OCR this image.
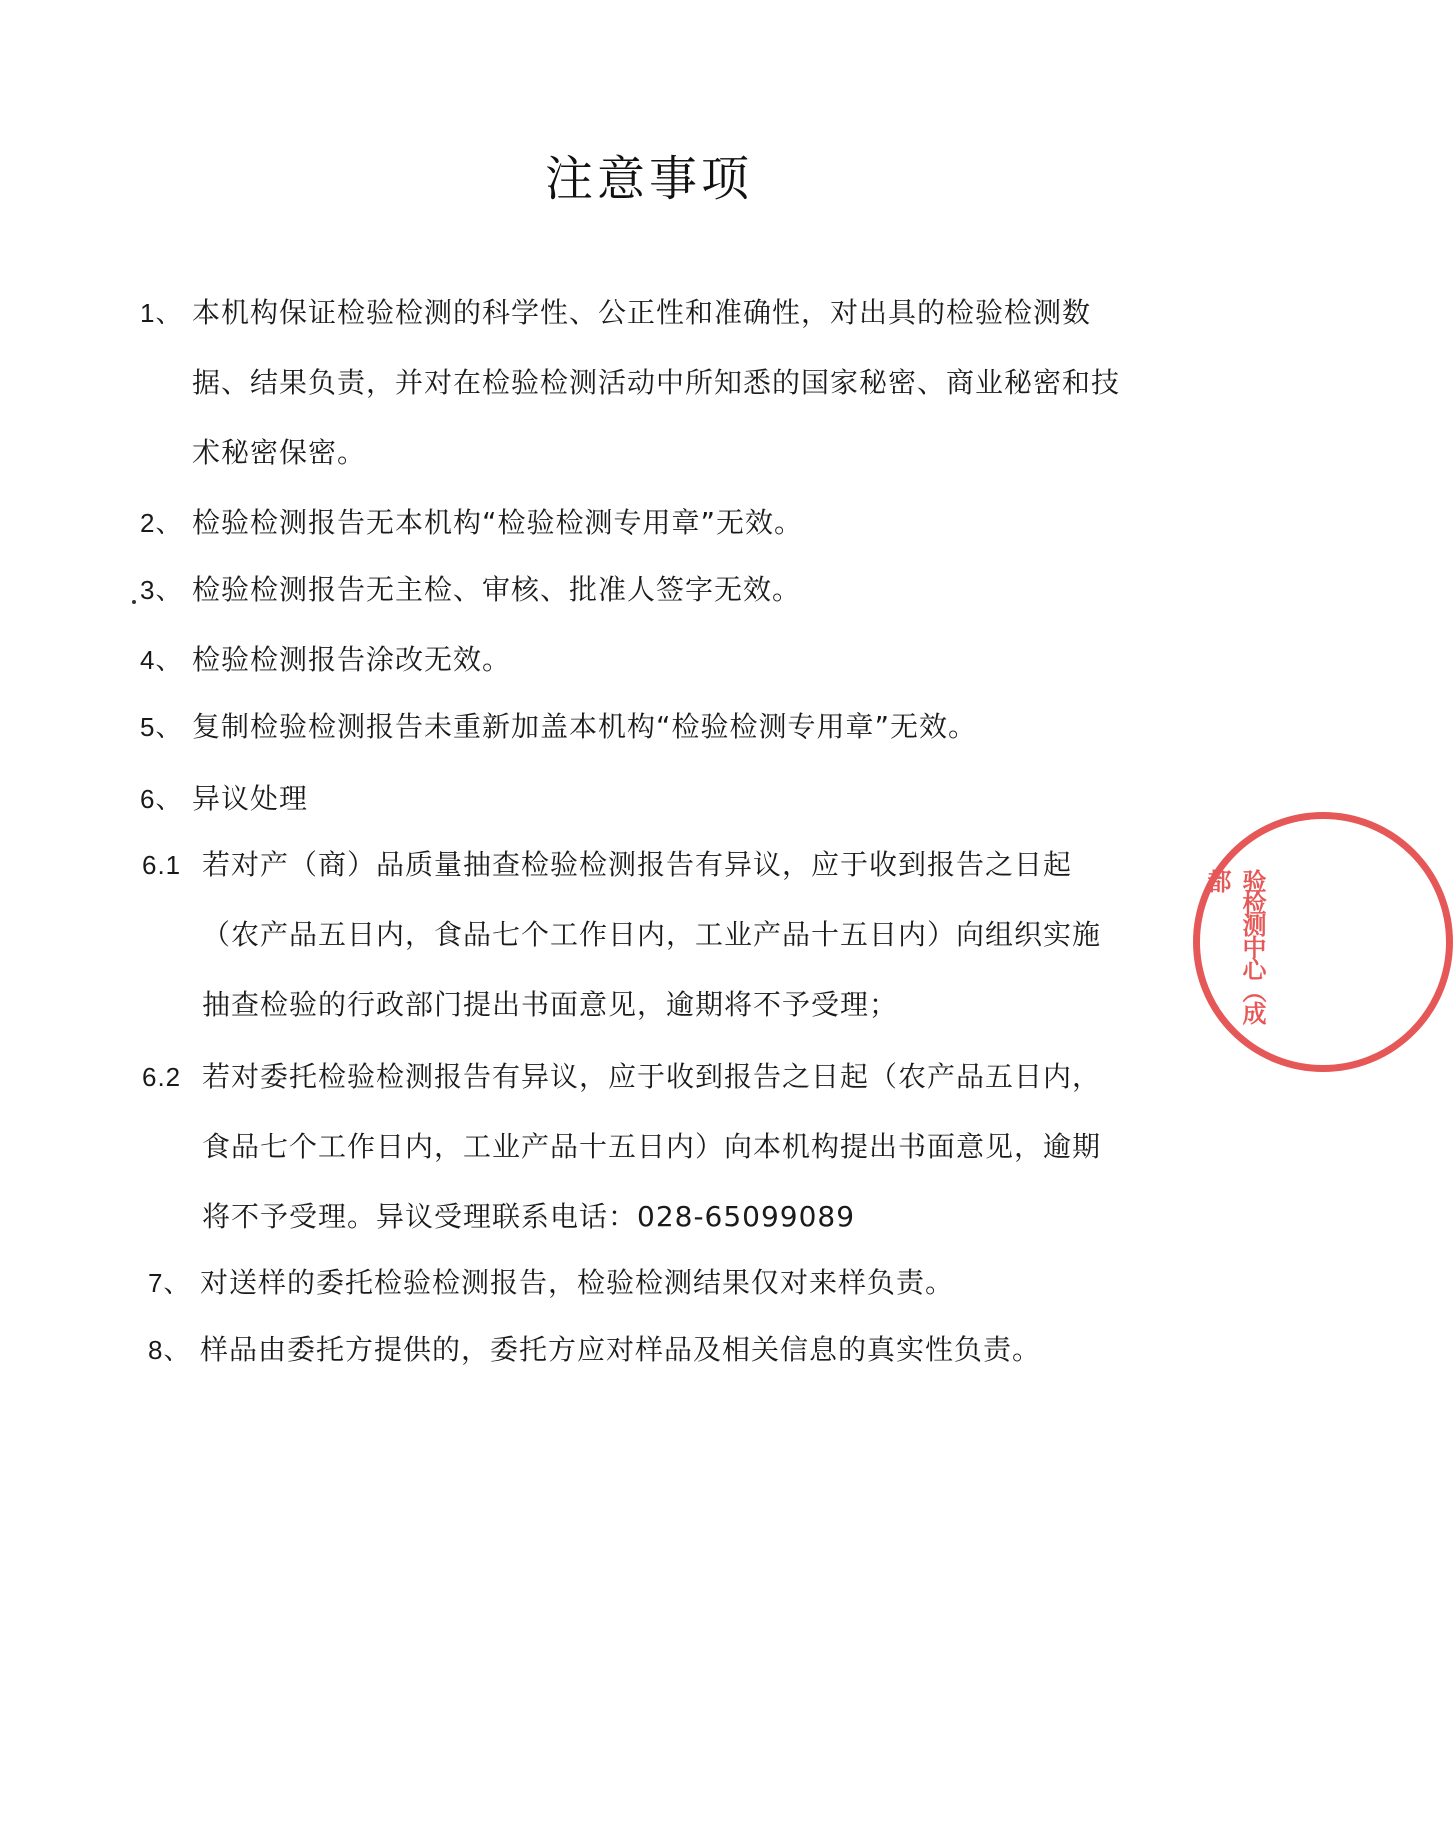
注意事项
1、 本机构保证检验检测的科学性、公正性和准确性，对出具的检验检测数据、结果负责，并对在检验检测活动中所知悉的国家秘密、商业秘密和技术秘密保密。
2、 检验检测报告无本机构“检验检测专用章”无效。
3、 检验检测报告无主检、审核、批准人签字无效。
4、 检验检测报告涂改无效。
5、 复制检验检测报告未重新加盖本机构“检验检测专用章”无效。
6、 异议处理
6.1 若对产（商）品质量抽查检验检测报告有异议，应于收到报告之日起（农产品五日内，食品七个工作日内，工业产品十五日内）向组织实施抽查检验的行政部门提出书面意见，逾期将不予受理；
6.2 若对委托检验检测报告有异议，应于收到报告之日起（农产品五日内，食品七个工作日内，工业产品十五日内）向本机构提出书面意见，逾期将不予受理。异议受理联系电话：028-65099089
7、 对送样的委托检验检测报告，检验检测结果仅对来样负责。
8、 样品由委托方提供的，委托方应对样品及相关信息的真实性负责。
验检测中心（成都
